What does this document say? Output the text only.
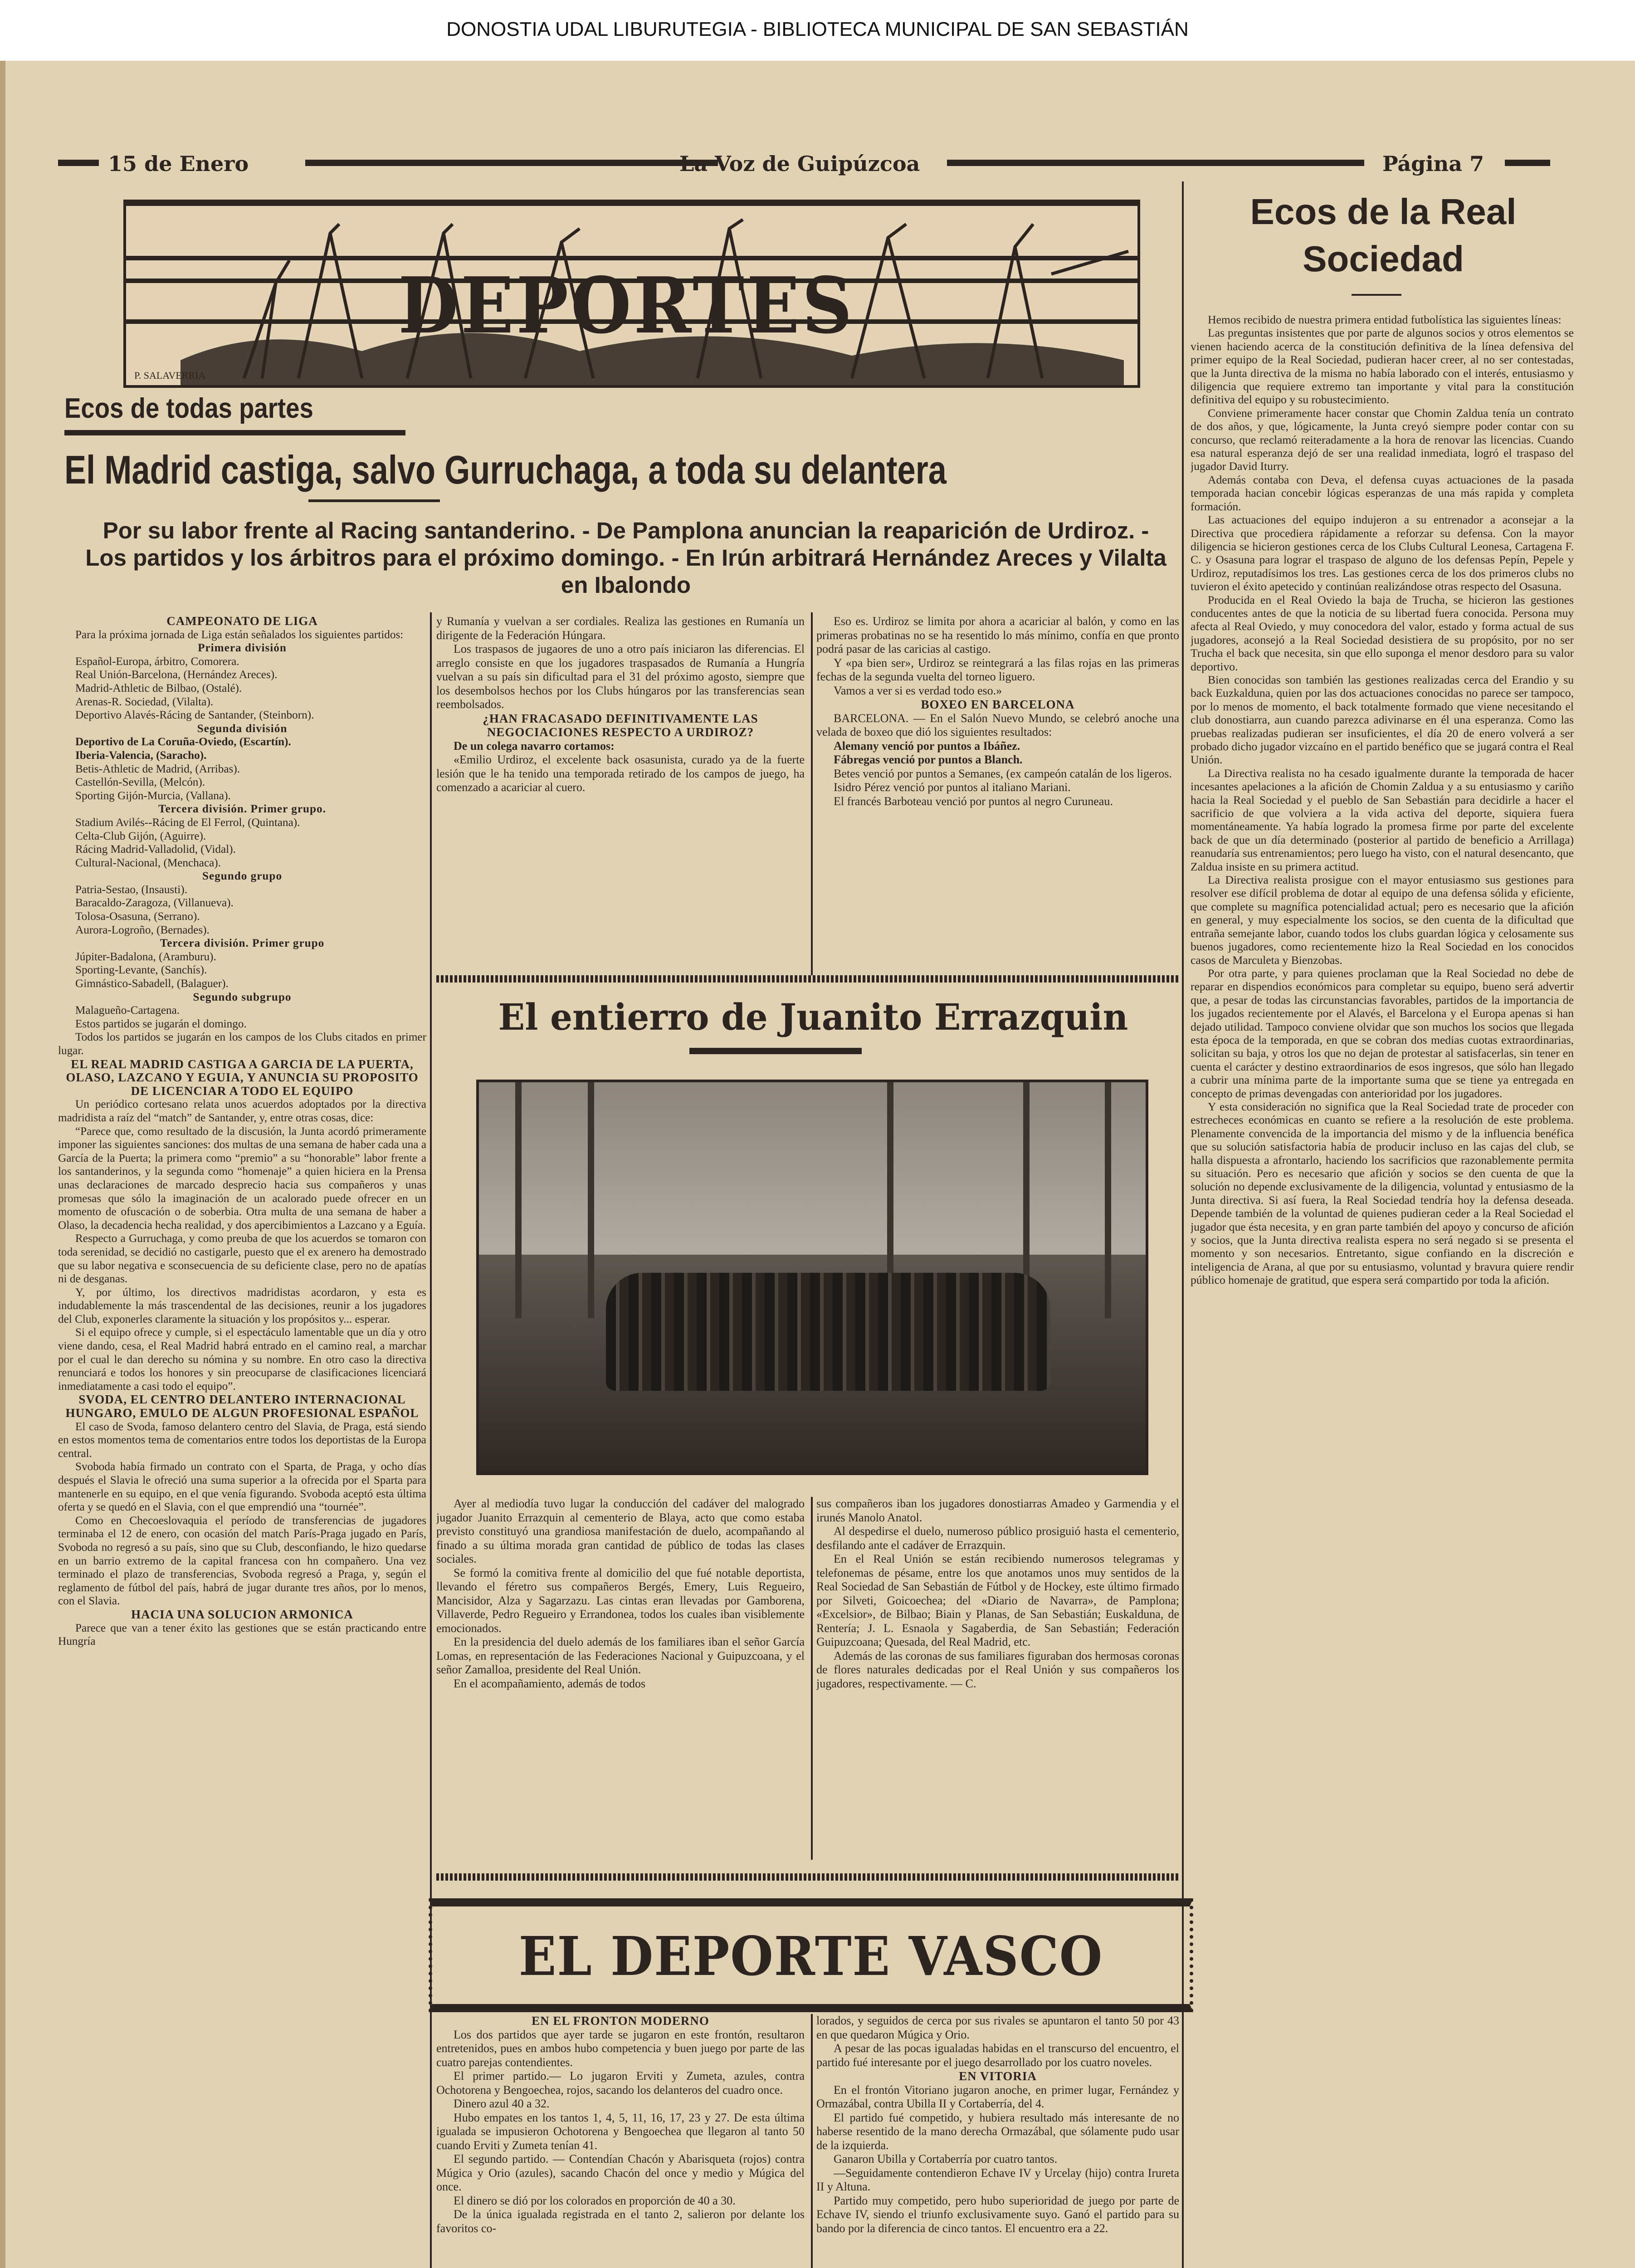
DONOSTIA UDAL LIBURUTEGIA - BIBLIOTECA MUNICIPAL DE SAN SEBASTIÁN
15 de Enero	La Voz de Guipúzcoa	Página 7
DEPORTES
P. SALAVERRIA
Ecos de todas partes
El Madrid castiga, salvo Gurruchaga, a toda su delantera
Por su labor frente al Racing santanderino. - De Pamplona anuncian la reaparición de Urdiroz. - Los partidos y los árbitros para el próximo domingo. - En Irún arbitrará Hernández Areces y Vilalta en Ibalondo

CAMPEONATO DE LIGA

Para la próxima jornada de Liga están señalados los siguientes partidos:

Primera división

Español-Europa, árbitro, Comorera.

Real Unión-Barcelona, (Hernández Areces).

Madrid-Athletic de Bilbao, (Ostalé).

Arenas-R. Sociedad, (Vilalta).

Deportivo Alavés-Rácing de Santander, (Steinborn).

Segunda división

Deportivo de La Coruña-Oviedo, (Escartín).

Iberia-Valencia, (Saracho).

Betis-Athletic de Madrid, (Arribas).

Castellón-Sevilla, (Melcón).

Sporting Gijón-Murcia, (Vallana).

Tercera división. Primer grupo.

Stadium Avilés--Rácing de El Ferrol, (Quintana).

Celta-Club Gijón, (Aguirre).

Rácing Madrid-Valladolid, (Vidal).

Cultural-Nacional, (Menchaca).

Segundo grupo

Patria-Sestao, (Insausti).

Baracaldo-Zaragoza, (Villanueva).

Tolosa-Osasuna, (Serrano).

Aurora-Logroño, (Bernades).

Tercera división. Primer grupo

Júpiter-Badalona, (Aramburu).

Sporting-Levante, (Sanchís).

Gimnástico-Sabadell, (Balaguer).

Segundo subgrupo

Malagueño-Cartagena.

Estos partidos se jugarán el domingo.

Todos los partidos se jugarán en los campos de los Clubs citados en primer lugar.

EL REAL MADRID CASTIGA A GARCIA DE LA PUERTA, OLASO, LAZCANO Y EGUIA, Y ANUNCIA SU PROPOSITO DE LICENCIAR A TODO EL EQUIPO

Un periódico cortesano relata unos acuerdos adoptados por la directiva madridista a raíz del “match” de Santander, y, entre otras cosas, dice:

“Parece que, como resultado de la discusión, la Junta acordó primeramente imponer las siguientes sanciones: dos multas de una semana de haber cada una a García de la Puerta; la primera como “premio” a su “honorable” labor frente a los santanderinos, y la segunda como “homenaje” a quien hiciera en la Prensa unas declaraciones de marcado desprecio hacia sus compañeros y unas promesas que sólo la imaginación de un acalorado puede ofrecer en un momento de ofuscación o de soberbia. Otra multa de una semana de haber a Olaso, la decadencia hecha realidad, y dos apercibimientos a Lazcano y a Eguía.

Respecto a Gurruchaga, y como preuba de que los acuerdos se tomaron con toda serenidad, se decidió no castigarle, puesto que el ex arenero ha demostrado que su labor negativa e sconsecuencia de su deficiente clase, pero no de apatías ni de desganas.

Y, por último, los directivos madridistas acordaron, y esta es indudablemente la más trascendental de las decisiones, reunir a los jugadores del Club, exponerles claramente la situación y los propósitos y... esperar.

Si el equipo ofrece y cumple, si el espectáculo lamentable que un día y otro viene dando, cesa, el Real Madrid habrá entrado en el camino real, a marchar por el cual le dan derecho su nómina y su nombre. En otro caso la directiva renunciará e todos los honores y sin preocuparse de clasificaciones licenciará inmediatamente a casi todo el equipo”.

SVODA, EL CENTRO DELANTERO INTERNACIONAL HUNGARO, EMULO DE ALGUN PROFESIONAL ESPAÑOL

El caso de Svoda, famoso delantero centro del Slavia, de Praga, está siendo en estos momentos tema de comentarios entre todos los deportistas de la Europa central.

Svoboda había firmado un contrato con el Sparta, de Praga, y ocho días después el Slavia le ofreció una suma superior a la ofrecida por el Sparta para mantenerle en su equipo, en el que venía figurando. Svoboda aceptó esta última oferta y se quedó en el Slavia, con el que emprendió una “tournée”.

Como en Checoeslovaquia el período de transferencias de jugadores terminaba el 12 de enero, con ocasión del match París-Praga jugado en París, Svoboda no regresó a su país, sino que su Club, desconfiando, le hizo quedarse en un barrio extremo de la capital francesa con hn compañero. Una vez terminado el plazo de transferencias, Svoboda regresó a Praga, y, según el reglamento de fútbol del país, habrá de jugar durante tres años, por lo menos, con el Slavia.

HACIA UNA SOLUCION ARMONICA

Parece que van a tener éxito las gestiones que se están practicando entre Hungría

y Rumanía y vuelvan a ser cordiales. Realiza las gestiones en Rumanía un dirigente de la Federación Húngara.

Los traspasos de jugaores de uno a otro país iniciaron las diferencias. El arreglo consiste en que los jugadores traspasados de Rumanía a Hungría vuelvan a su país sin dificultad para el 31 del próximo agosto, siempre que los desembolsos hechos por los Clubs húngaros por las transferencias sean reembolsados.

¿HAN FRACASADO DEFINITIVAMENTE LAS NEGOCIACIONES RESPECTO A URDIROZ?

De un colega navarro cortamos:

«Emilio Urdiroz, el excelente back osasunista, curado ya de la fuerte lesión que le ha tenido una temporada retirado de los campos de juego, ha comenzado a acariciar al cuero.

Eso es. Urdiroz se limita por ahora a acariciar al balón, y como en las primeras probatinas no se ha resentido lo más mínimo, confía en que pronto podrá pasar de las caricias al castigo.

Y «pa bien ser», Urdiroz se reintegrará a las filas rojas en las primeras fechas de la segunda vuelta del torneo liguero.

Vamos a ver si es verdad todo eso.»

BOXEO EN BARCELONA

BARCELONA. — En el Salón Nuevo Mundo, se celebró anoche una velada de boxeo que dió los siguientes resultados:

Alemany venció por puntos a Ibáñez.

Fábregas venció por puntos a Blanch.

Betes venció por puntos a Semanes, (ex campeón catalán de los ligeros.

Isidro Pérez venció por puntos al italiano Mariani.

El francés Barboteau venció por puntos al negro Curuneau.

El entierro de Juanito Errazquin

Ayer al mediodía tuvo lugar la conducción del cadáver del malogrado jugador Juanito Errazquin al cementerio de Blaya, acto que como estaba previsto constituyó una grandiosa manifestación de duelo, acompañando al finado a su última morada gran cantidad de público de todas las clases sociales.

Se formó la comitiva frente al domicilio del que fué notable deportista, llevando el féretro sus compañeros Bergés, Emery, Luis Regueiro, Mancisidor, Alza y Sagarzazu. Las cintas eran llevadas por Gamborena, Villaverde, Pedro Regueiro y Errandonea, todos los cuales iban visiblemente emocionados.

En la presidencia del duelo además de los familiares iban el señor García Lomas, en representación de las Federaciones Nacional y Guipuzcoana, y el señor Zamalloa, presidente del Real Unión.

En el acompañamiento, además de todos

sus compañeros iban los jugadores donostiarras Amadeo y Garmendia y el irunés Manolo Anatol.

Al despedirse el duelo, numeroso público prosiguió hasta el cementerio, desfilando ante el cadáver de Errazquin.

En el Real Unión se están recibiendo numerosos telegramas y telefonemas de pésame, entre los que anotamos unos muy sentidos de la Real Sociedad de San Sebastián de Fútbol y de Hockey, este último firmado por Silveti, Goicoechea; del «Diario de Navarra», de Pamplona; «Excelsior», de Bilbao; Biain y Planas, de San Sebastián; Euskalduna, de Rentería; J. L. Esnaola y Sagaberdia, de San Sebastián; Federación Guipuzcoana; Quesada, del Real Madrid, etc.

Además de las coronas de sus familiares figuraban dos hermosas coronas de flores naturales dedicadas por el Real Unión y sus compañeros los jugadores, respectivamente. — C.

EL DEPORTE VASCO

EN EL FRONTON MODERNO

Los dos partidos que ayer tarde se jugaron en este frontón, resultaron entretenidos, pues en ambos hubo competencia y buen juego por parte de las cuatro parejas contendientes.

El primer partido.— Lo jugaron Erviti y Zumeta, azules, contra Ochotorena y Bengoechea, rojos, sacando los delanteros del cuadro once.

Dinero azul 40 a 32.

Hubo empates en los tantos 1, 4, 5, 11, 16, 17, 23 y 27. De esta última igualada se impusieron Ochotorena y Bengoechea que llegaron al tanto 50 cuando Erviti y Zumeta tenían 41.

El segundo partido. — Contendían Chacón y Abarisqueta (rojos) contra Múgica y Orio (azules), sacando Chacón del once y medio y Múgica del once.

El dinero se dió por los colorados en proporción de 40 a 30.

De la única igualada registrada en el tanto 2, salieron por delante los favoritos co-

lorados, y seguidos de cerca por sus rivales se apuntaron el tanto 50 por 43 en que quedaron Múgica y Orio.

A pesar de las pocas igualadas habidas en el transcurso del encuentro, el partido fué interesante por el juego desarrollado por los cuatro noveles.

EN VITORIA

En el frontón Vitoriano jugaron anoche, en primer lugar, Fernández y Ormazábal, contra Ubilla II y Cortaberría, del 4.

El partido fué competido, y hubiera resultado más interesante de no haberse resentido de la mano derecha Ormazábal, que sólamente pudo usar de la izquierda.

Ganaron Ubilla y Cortaberría por cuatro tantos.

—Seguidamente contendieron Echave IV y Urcelay (hijo) contra Irureta II y Altuna.

Partido muy competido, pero hubo superioridad de juego por parte de Echave IV, siendo el triunfo exclusivamente suyo. Ganó el partido para su bando por la diferencia de cinco tantos. El encuentro era a 22.

Ecos de la Real Sociedad

Hemos recibido de nuestra primera entidad futbolística las siguientes líneas:

Las preguntas insistentes que por parte de algunos socios y otros elementos se vienen haciendo acerca de la constitución definitiva de la línea defensiva del primer equipo de la Real Sociedad, pudieran hacer creer, al no ser contestadas, que la Junta directiva de la misma no había laborado con el interés, entusiasmo y diligencia que requiere extremo tan importante y vital para la constitución definitiva del equipo y su robustecimiento.

Conviene primeramente hacer constar que Chomin Zaldua tenía un contrato de dos años, y que, lógicamente, la Junta creyó siempre poder contar con su concurso, que reclamó reiteradamente a la hora de renovar las licencias. Cuando esa natural esperanza dejó de ser una realidad inmediata, logró el traspaso del jugador David Iturry.

Además contaba con Deva, el defensa cuyas actuaciones de la pasada temporada hacian concebir lógicas esperanzas de una más rapida y completa formación.

Las actuaciones del equipo indujeron a su entrenador a aconsejar a la Directiva que procediera rápidamente a reforzar su defensa. Con la mayor diligencia se hicieron gestiones cerca de los Clubs Cultural Leonesa, Cartagena F. C. y Osasuna para lograr el traspaso de alguno de los defensas Pepín, Pepele y Urdiroz, reputadísimos los tres. Las gestiones cerca de los dos primeros clubs no tuvieron el éxito apetecido y continúan realizándose otras respecto del Osasuna.

Producida en el Real Oviedo la baja de Trucha, se hicieron las gestiones conducentes antes de que la noticia de su libertad fuera conocida. Persona muy afecta al Real Oviedo, y muy conocedora del valor, estado y forma actual de sus jugadores, aconsejó a la Real Sociedad desistiera de su propósito, por no ser Trucha el back que necesita, sin que ello suponga el menor desdoro para su valor deportivo.

Bien conocidas son también las gestiones realizadas cerca del Erandio y su back Euzkalduna, quien por las dos actuaciones conocidas no parece ser tampoco, por lo menos de momento, el back totalmente formado que viene necesitando el club donostiarra, aun cuando parezca adivinarse en él una esperanza. Como las pruebas realizadas pudieran ser insuficientes, el día 20 de enero volverá a ser probado dicho jugador vizcaíno en el partido benéfico que se jugará contra el Real Unión.

La Directiva realista no ha cesado igualmente durante la temporada de hacer incesantes apelaciones a la afición de Chomin Zaldua y a su entusiasmo y cariño hacia la Real Sociedad y el pueblo de San Sebastián para decidirle a hacer el sacrificio de que volviera a la vida activa del deporte, siquiera fuera momentáneamente. Ya había logrado la promesa firme por parte del excelente back de que un día determinado (posterior al partido de beneficio a Arrillaga) reanudaría sus entrenamientos; pero luego ha visto, con el natural desencanto, que Zaldua insiste en su primera actitud.

La Directiva realista prosigue con el mayor entusiasmo sus gestiones para resolver ese difícil problema de dotar al equipo de una defensa sólida y eficiente, que complete su magnífica potencialidad actual; pero es necesario que la afición en general, y muy especialmente los socios, se den cuenta de la dificultad que entraña semejante labor, cuando todos los clubs guardan lógica y celosamente sus buenos jugadores, como recientemente hizo la Real Sociedad en los conocidos casos de Marculeta y Bienzobas.

Por otra parte, y para quienes proclaman que la Real Sociedad no debe de reparar en dispendios económicos para completar su equipo, bueno será advertir que, a pesar de todas las circunstancias favorables, partidos de la importancia de los jugados recientemente por el Alavés, el Barcelona y el Europa apenas si han dejado utilidad. Tampoco conviene olvidar que son muchos los socios que llegada esta época de la temporada, en que se cobran dos medias cuotas extraordinarias, solicitan su baja, y otros los que no dejan de protestar al satisfacerlas, sin tener en cuenta el carácter y destino extraordinarios de esos ingresos, que sólo han llegado a cubrir una mínima parte de la importante suma que se tiene ya entregada en concepto de primas devengadas con anterioridad por los jugadores.

Y esta consideración no significa que la Real Sociedad trate de proceder con estrecheces económicas en cuanto se refiere a la resolución de este problema. Plenamente convencida de la importancia del mismo y de la influencia benéfica que su solución satisfactoria había de producir incluso en las cajas del club, se halla dispuesta a afrontarlo, haciendo los sacrificios que razonablemente permita su situación. Pero es necesario que afición y socios se den cuenta de que la solución no depende exclusivamente de la diligencia, voluntad y entusiasmo de la Junta directiva. Si así fuera, la Real Sociedad tendría hoy la defensa deseada. Depende también de la voluntad de quienes pudieran ceder a la Real Sociedad el jugador que ésta necesita, y en gran parte también del apoyo y concurso de afición y socios, que la Junta directiva realista espera no será negado si se presenta el momento y son necesarios. Entretanto, sigue confiando en la discreción e inteligencia de Arana, al que por su entusiasmo, voluntad y bravura quiere rendir público homenaje de gratitud, que espera será compartido por toda la afición.
